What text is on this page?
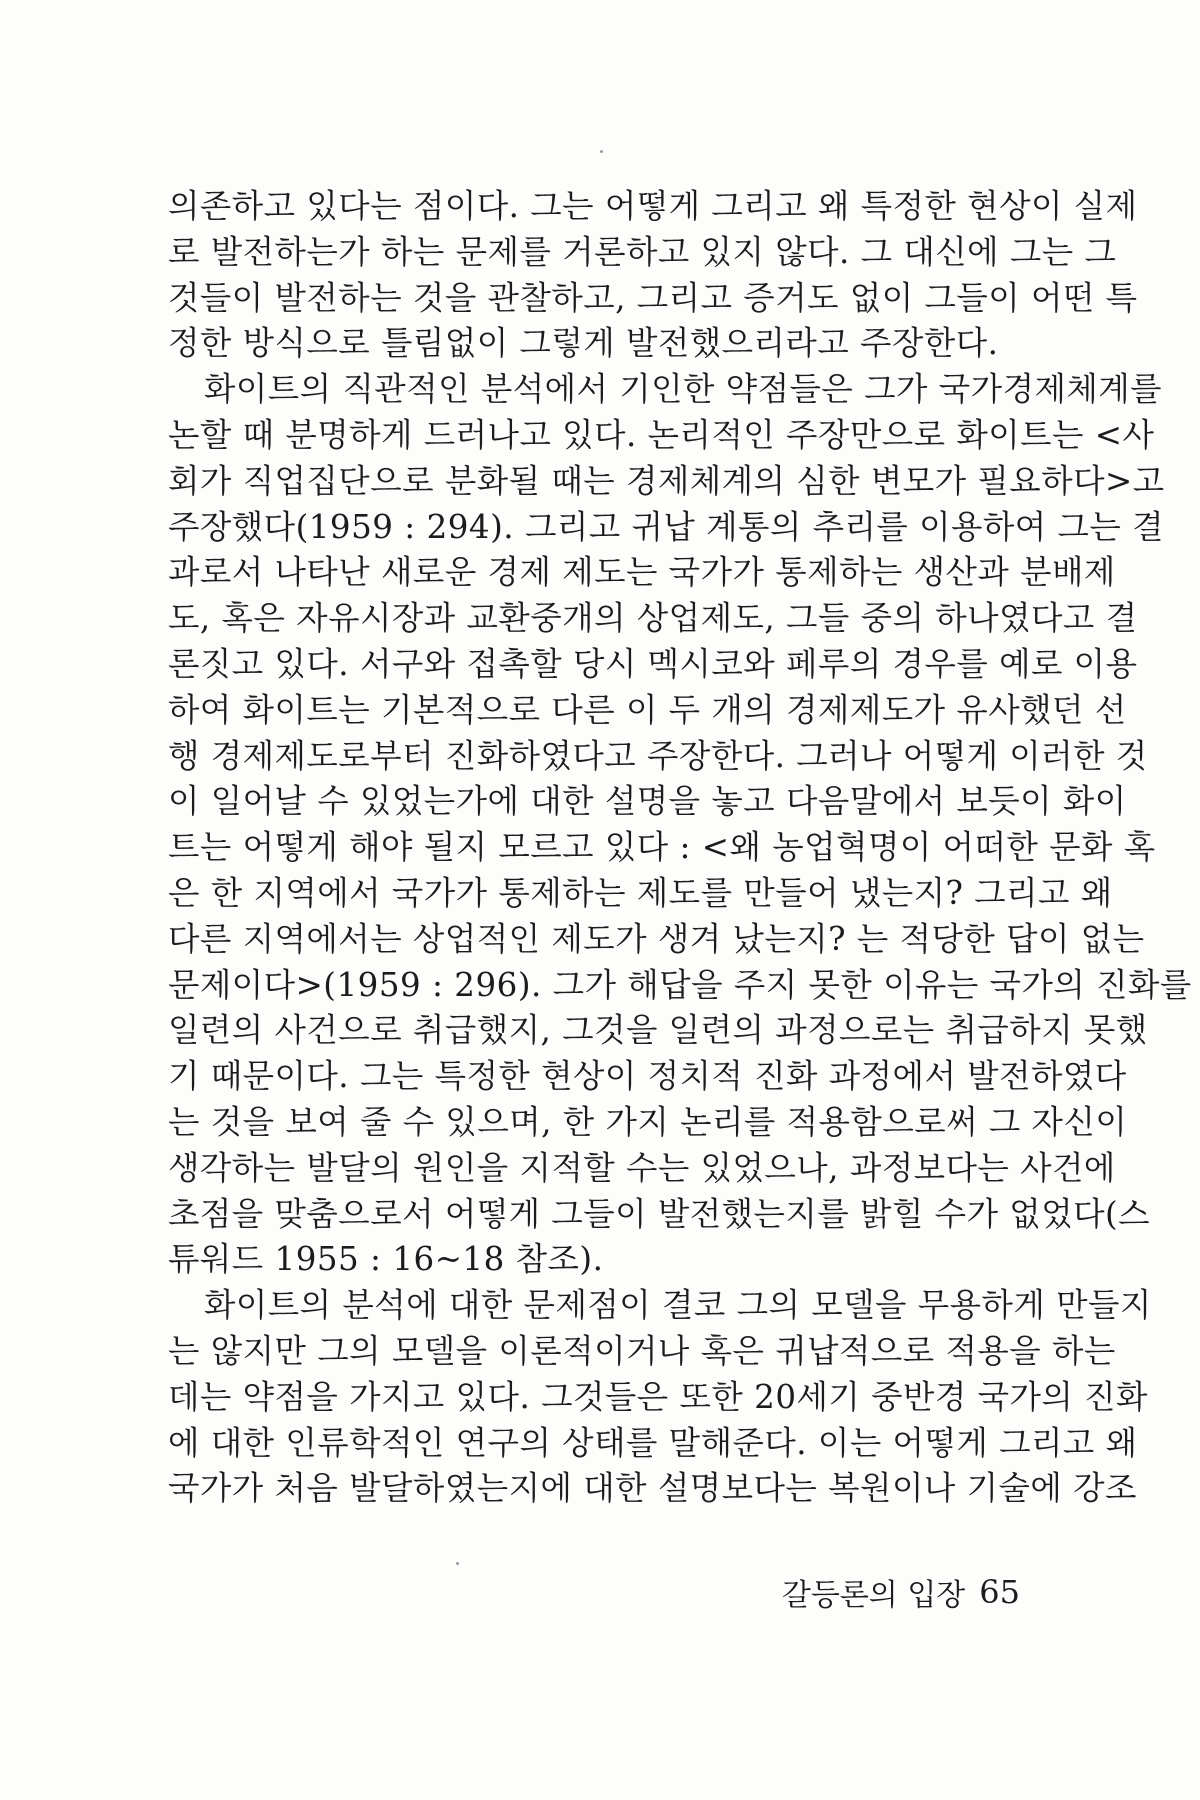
의존하고 있다는 점이다. 그는 어떻게 그리고 왜 특정한 현상이 실제
로 발전하는가 하는 문제를 거론하고 있지 않다. 그 대신에 그는 그
것들이 발전하는 것을 관찰하고, 그리고 증거도 없이 그들이 어떤 특
정한 방식으로 틀림없이 그렇게 발전했으리라고 주장한다.
화이트의 직관적인 분석에서 기인한 약점들은 그가 국가경제체계를
논할 때 분명하게 드러나고 있다. 논리적인 주장만으로 화이트는 <사
회가 직업집단으로 분화될 때는 경제체계의 심한 변모가 필요하다>고
주장했다(1959 : 294). 그리고 귀납 계통의 추리를 이용하여 그는 결
과로서 나타난 새로운 경제 제도는 국가가 통제하는 생산과 분배제
도, 혹은 자유시장과 교환중개의 상업제도, 그들 중의 하나였다고 결
론짓고 있다. 서구와 접촉할 당시 멕시코와 페루의 경우를 예로 이용
하여 화이트는 기본적으로 다른 이 두 개의 경제제도가 유사했던 선
행 경제제도로부터 진화하였다고 주장한다. 그러나 어떻게 이러한 것
이 일어날 수 있었는가에 대한 설명을 놓고 다음말에서 보듯이 화이
트는 어떻게 해야 될지 모르고 있다 : <왜 농업혁명이 어떠한 문화 혹
은 한 지역에서 국가가 통제하는 제도를 만들어 냈는지? 그리고 왜
다른 지역에서는 상업적인 제도가 생겨 났는지? 는 적당한 답이 없는
문제이다>(1959 : 296). 그가 해답을 주지 못한 이유는 국가의 진화를
일련의 사건으로 취급했지, 그것을 일련의 과정으로는 취급하지 못했
기 때문이다. 그는 특정한 현상이 정치적 진화 과정에서 발전하였다
는 것을 보여 줄 수 있으며, 한 가지 논리를 적용함으로써 그 자신이
생각하는 발달의 원인을 지적할 수는 있었으나, 과정보다는 사건에
초점을 맞춤으로서 어떻게 그들이 발전했는지를 밝힐 수가 없었다(스
튜워드 1955 : 16~18 참조).
화이트의 분석에 대한 문제점이 결코 그의 모델을 무용하게 만들지
는 않지만 그의 모델을 이론적이거나 혹은 귀납적으로 적용을 하는
데는 약점을 가지고 있다. 그것들은 또한 20세기 중반경 국가의 진화
에 대한 인류학적인 연구의 상태를 말해준다. 이는 어떻게 그리고 왜
국가가 처음 발달하였는지에 대한 설명보다는 복원이나 기술에 강조
갈등론의 입장 65
